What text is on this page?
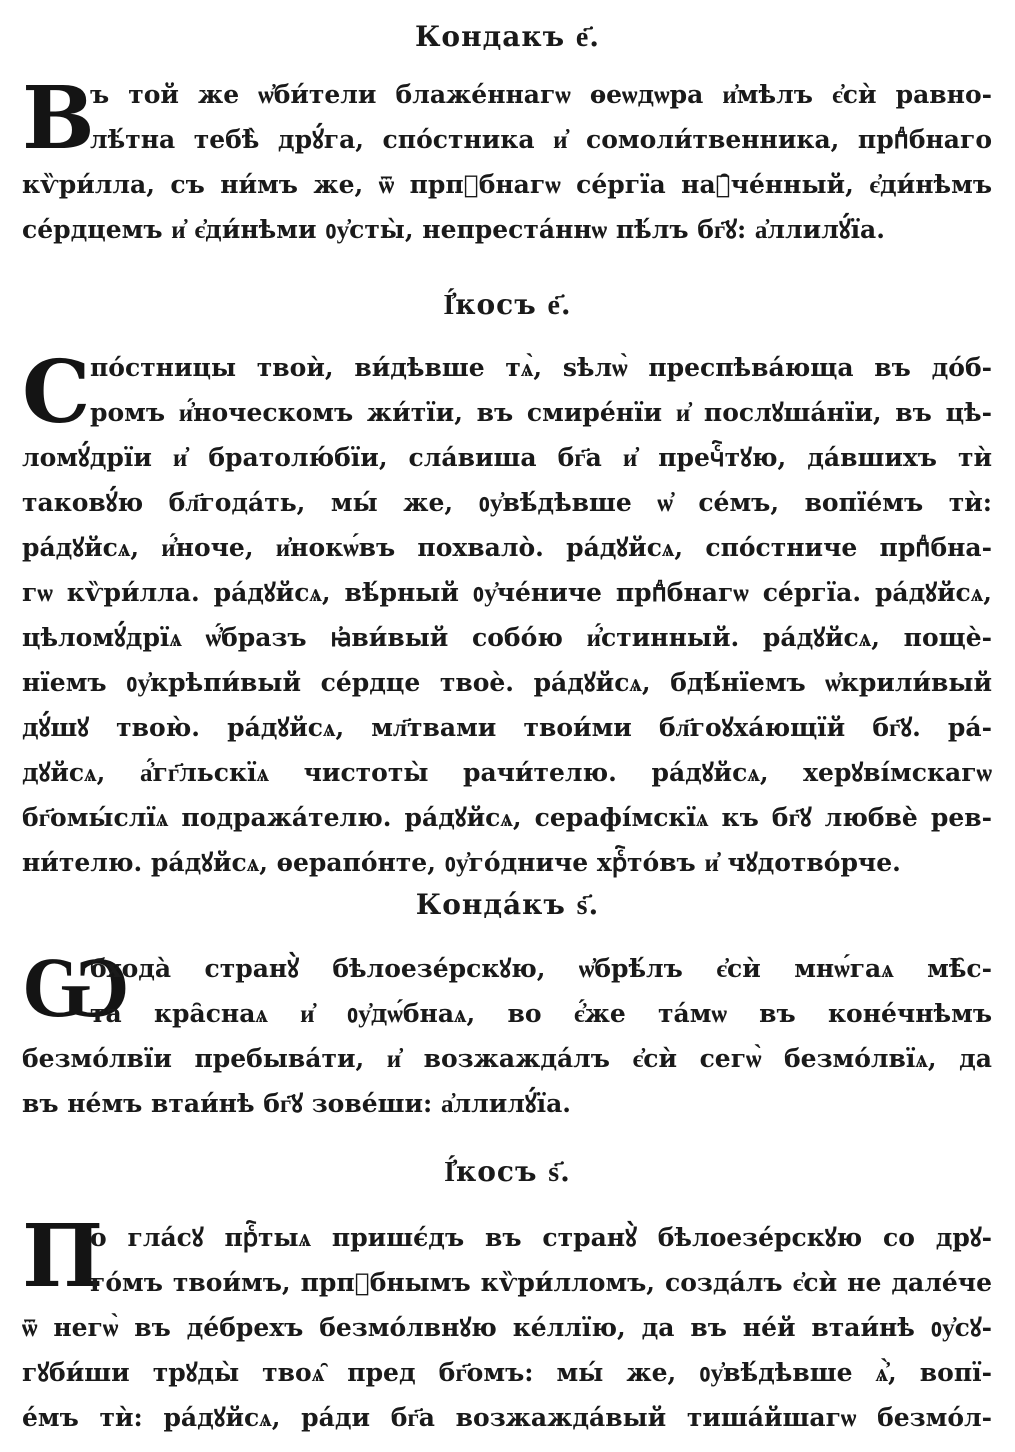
Кондакъ е҃.
В
ъ той же ѡ҆би́тели блаже́ннагѡ ѳеѡдѡра и҆мѣлъ є҆сѝ равно-
лѣ́тна тебѣ̀ дрꙋ́га, спо́стника и҆ сомоли́твенника, прпⷣбнаго
кѷри́лла, съ ни́мъ же, ѿ прпⷣбнагѡ се́ргїа наꙋ̑че́нный, є҆ди́нѣмъ
се́рдцемъ и҆ є҆ди́нѣми ᲂу҆сты̀, непреста́ннѡ пѣ́лъ бг҃ꙋ: а҆ллилꙋ́їа.
І҆́косъ е҃.
С по́стницы твоѝ, ви́дѣвше тѧ̀, ѕѣлѡ̀ преспѣва́юща въ до́б-
ромъ и҆́ноческомъ жи́тїи, въ смире́нїи и҆ послꙋша́нїи, въ цѣ-
ломꙋ́дрїи и҆ братолю́бїи, сла́виша бг҃а и҆ пречⷭ҇тꙋю, да́вшихъ тѝ
таковꙋ́ю бл҃года́ть, мы́ же, ᲂу҆вѣ́дѣвше ѡ҆ се́мъ, вопїе́мъ тѝ:
ра́дꙋйсѧ, и҆́ноче, и҆нокѡ́въ похвало̀. ра́дꙋйсѧ, спо́стниче прпⷣбна-
гѡ кѷри́лла. ра́дꙋйсѧ, вѣ́рный ᲂу҆че́ниче прпⷣбнагѡ се́ргїа. ра́дꙋйсѧ,
цѣломꙋ́дрїѧ ѡ҆́бразъ ꙗ҆ви́вый собо́ю и҆́стинный. ра́дꙋйсѧ, пощѐ-
нїемъ ᲂу҆крѣпи́вый се́рдце твоѐ. ра́дꙋйсѧ, бдѣ́нїемъ ѡ҆крили́вый
дꙋ́шꙋ твою̀. ра́дꙋйсѧ, мл҃твами твои́ми бл҃гоꙋха́ющїй бг҃ꙋ. ра́-
дꙋйсѧ, а҆́гг҃льскїѧ чистоты̀ рачи́телю. ра́дꙋйсѧ, херꙋві́мскагѡ
бг҃омы́слїѧ подража́телю. ра́дꙋйсѧ, серафі́мскїѧ къ бг҃ꙋ любвѐ рев-
ни́телю. ра́дꙋйсѧ, ѳерапо́нте, ᲂу҆го́дниче хрⷭ҇то́въ и҆ чꙋдотво́рче.
Конда́къ ѕ҃.
Ѡ
бхода̀ странꙋ̀ бѣлоезе́рскꙋю, ѡ҆брѣ́лъ є҆сѝ мнѡ́гаѧ мѣ̑с-
та кра̑снаѧ и҆ ᲂу҆дѡ́бнаѧ, во є҆́же та́мѡ въ коне́чнѣмъ
безмо́лвїи пребыва́ти, и҆ возжажда́лъ є҆сѝ сегѡ̀ безмо́лвїѧ, да
въ не́мъ втаи́нѣ бг҃ꙋ зове́ши: а҆ллилꙋ́їа.
І҆́косъ ѕ҃.
П
о гла́сꙋ прⷭ҇тыѧ пришє́дъ въ странꙋ̀ бѣлоезе́рскꙋю со дрꙋ-
го́мъ твои́мъ, прпⷣбнымъ кѷри́лломъ, созда́лъ є҆сѝ не дале́че
ѿ негѡ̀ въ де́брехъ безмо́лвнꙋю ке́ллїю, да въ не́й втаи́нѣ ᲂу҆сꙋ-
гꙋби́ши трꙋды̀ твоѧ̑ пред бг҃омъ: мы́ же, ᲂу҆вѣ́дѣвше ѧ҆̀, вопї-
е́мъ тѝ: ра́дꙋйсѧ, ра́ди бг҃а возжажда́вый тиша́йшагѡ безмо́л-
